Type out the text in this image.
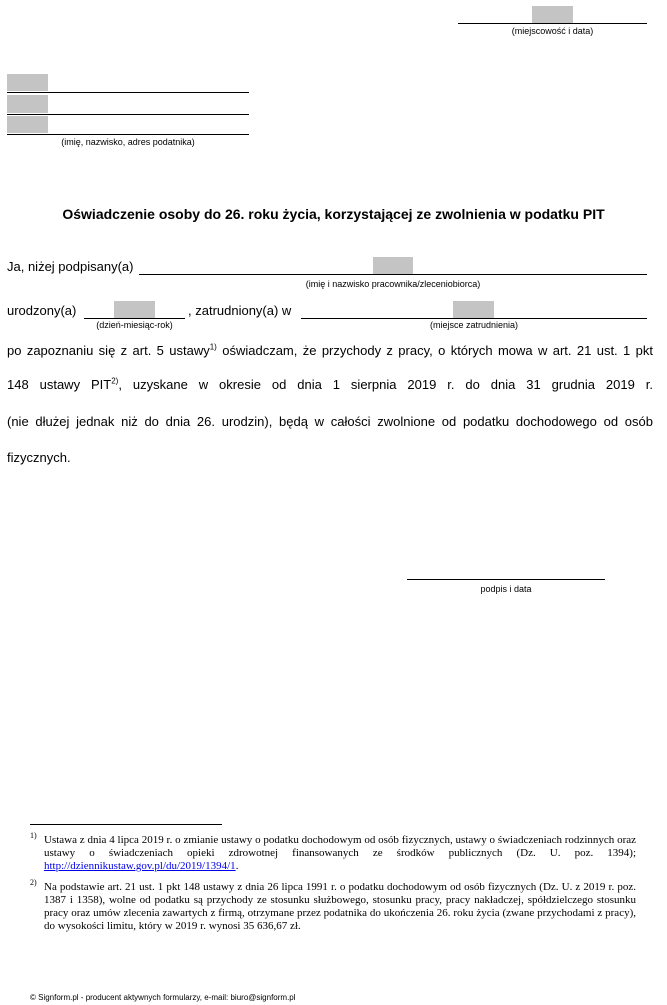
(miejscowość i data)
(imię, nazwisko, adres podatnika)
Oświadczenie osoby do 26. roku życia, korzystającej ze zwolnienia w podatku PIT
Ja, niżej podpisany(a)
(imię i nazwisko pracownika/zleceniobiorca)
urodzony(a)
(dzień-miesiąc-rok)
, zatrudniony(a) w
(miejsce zatrudnienia)
po zapoznaniu się z art. 5 ustawy$^{1)}$ oświadczam, że przychody z pracy, o których mowa w art. 21 ust. 1 pkt
148 ustawy PIT$^{2)}$, uzyskane w okresie od dnia 1 sierpnia 2019 r. do dnia 31 grudnia 2019 r.
(nie dłużej jednak niż do dnia 26. urodzin), będą w całości zwolnione od podatku dochodowego od osób
fizycznych.
podpis i data
1) Ustawa z dnia 4 lipca 2019 r. o zmianie ustawy o podatku dochodowym od osób fizycznych, ustawy o świadczeniach rodzinnych oraz ustawy o świadczeniach opieki zdrowotnej finansowanych ze środków publicznych (Dz. U. poz. 1394); http://dziennikustaw.gov.pl/du/2019/1394/1.
2) Na podstawie art. 21 ust. 1 pkt 148 ustawy z dnia 26 lipca 1991 r. o podatku dochodowym od osób fizycznych (Dz. U. z 2019 r. poz. 1387 i 1358), wolne od podatku są przychody ze stosunku służbowego, stosunku pracy, pracy nakładczej, spółdzielczego stosunku pracy oraz umów zlecenia zawartych z firmą, otrzymane przez podatnika do ukończenia 26. roku życia (zwane przychodami z pracy), do wysokości limitu, który w 2019 r. wynosi 35 636,67 zł.
© Signform.pl - producent aktywnych formularzy, e-mail: biuro@signform.pl
